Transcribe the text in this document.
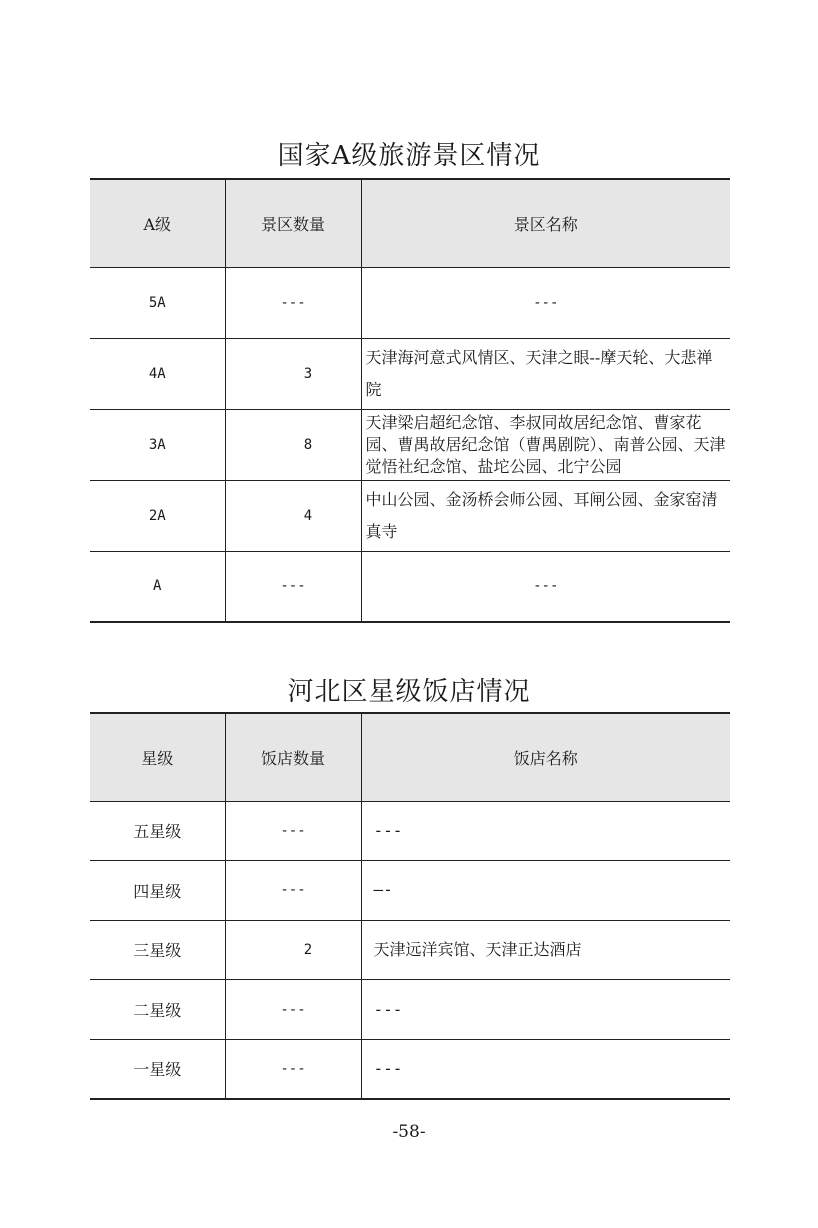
国家A级旅游景区情况
A级	景区数量	景区名称
5A	---	---
4A	3	天津海河意式风情区、天津之眼--摩天轮、大悲禅院
3A	8	天津梁启超纪念馆、李叔同故居纪念馆、曹家花园、曹禺故居纪念馆（曹禺剧院）、南普公园、天津觉悟社纪念馆、盐坨公园、北宁公园
2A	4	中山公园、金汤桥会师公园、耳闸公园、金家窑清真寺
A	---	---
河北区星级饭店情况
星级	饭店数量	饭店名称
五星级	---	---
四星级	---	—-
三星级	2	天津远洋宾馆、天津正达酒店
二星级	---	---
一星级	---	---
-58-
